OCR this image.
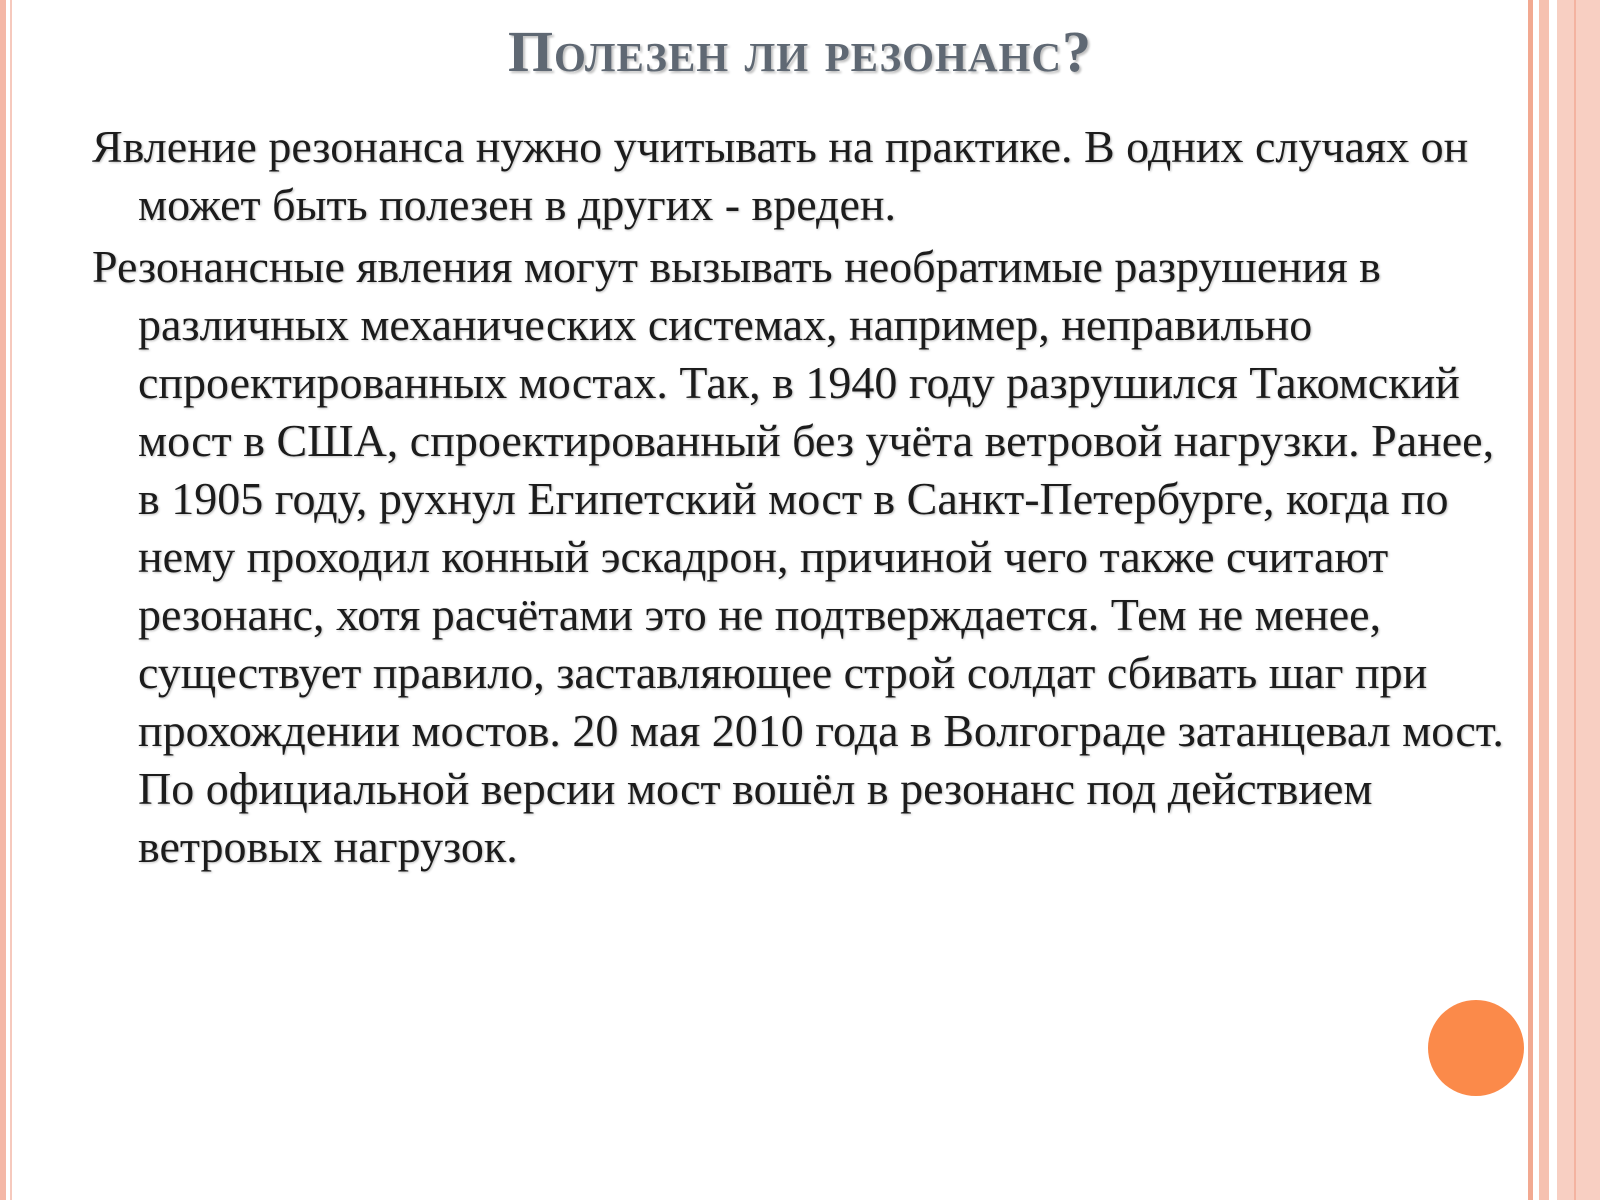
Полезен ли резонанс?

Явление резонанса нужно учитывать на практике. В одних случаях он может быть полезен в других - вреден.

Резонансные явления могут вызывать необратимые разрушения в различных механических системах, например, неправильно спроектированных мостах. Так, в 1940 году разрушился Такомский мост в США, спроектированный без учёта ветровой нагрузки. Ранее, в 1905 году, рухнул Египетский мост в Санкт-Петербурге, когда по нему проходил конный эскадрон, причиной чего также считают резонанс, хотя расчётами это не подтверждается. Тем не менее, существует правило, заставляющее строй солдат сбивать шаг при прохождении мостов. 20 мая 2010 года в Волгограде затанцевал мост. По официальной версии мост вошёл в резонанс под действием ветровых нагрузок.
